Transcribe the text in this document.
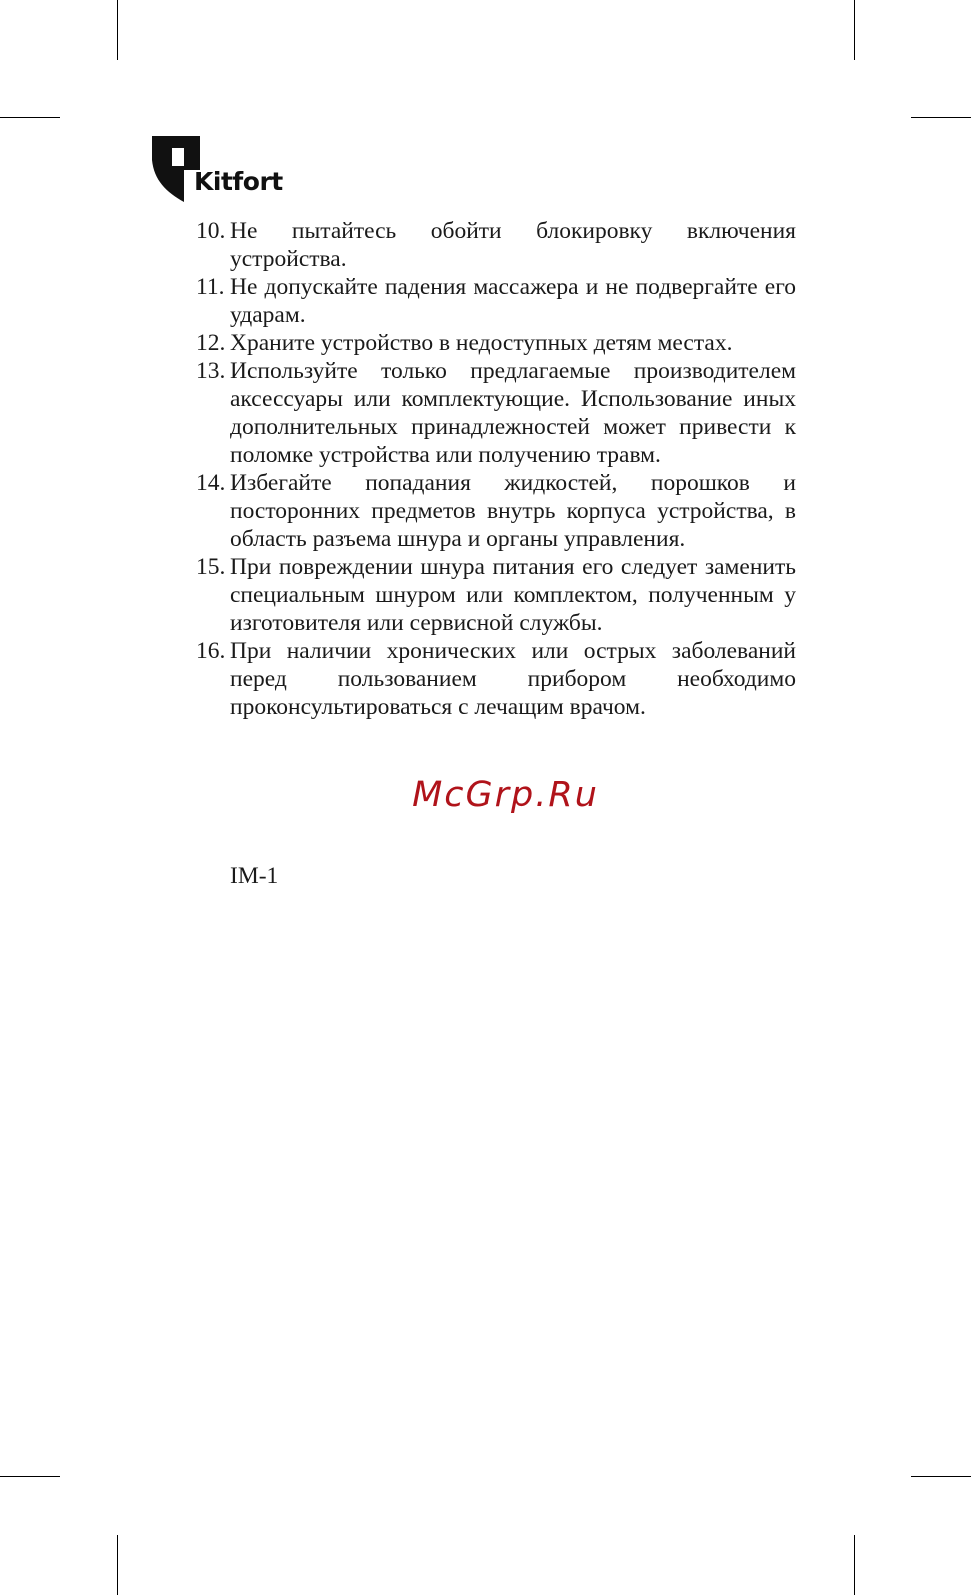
Kitfort
10. Не пытайтесь обойти блокировку включения устройства.
11. Не допускайте падения массажера и не подвергайте его ударам.
12. Храните устройство в недоступных детям местах.
13. Используйте только предлагаемые производителем аксессуары или комплектующие. Использование иных дополнительных принадлежностей может привести к поломке устройства или получению травм.
14. Избегайте попадания жидкостей, порошков и посторонних предметов внутрь корпуса устройства, в область разъема шнура и органы управления.
15. При повреждении шнура питания его следует заменить специальным шнуром или комплектом, полученным у изготовителя или сервисной службы.
16. При наличии хронических или острых заболеваний перед пользованием прибором необходимо проконсультироваться с лечащим врачом.
McGrp.Ru
IM-1
